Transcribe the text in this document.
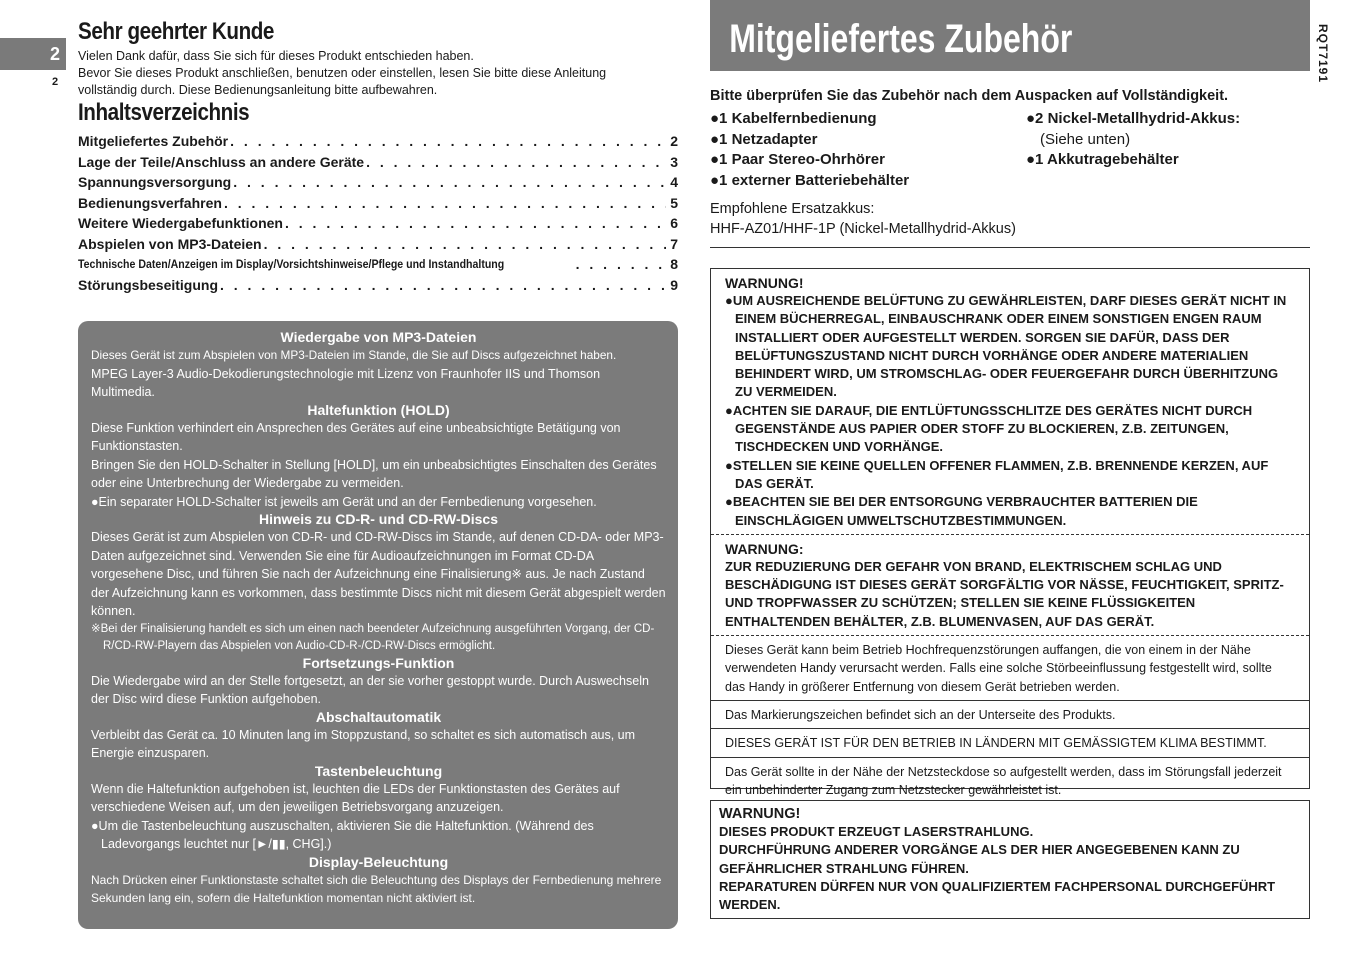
2
2
Sehr geehrter Kunde

Vielen Dank dafür, dass Sie sich für dieses Produkt entschieden haben.

Bevor Sie dieses Produkt anschließen, benutzen oder einstellen, lesen Sie bitte diese Anleitung

vollständig durch. Diese Bedienungsanleitung bitte aufbewahren.

Inhaltsverzeichnis
Mitgeliefertes Zubehör . . .	2
Lage der Teile/Anschluss an andere Geräte . . .	3
Spannungsversorgung . . .	4
Bedienungsverfahren . . .	5
Weitere Wiedergabefunktionen . . .	6
Abspielen von MP3-Dateien . . .	7
Technische Daten/Anzeigen im Display/Vorsichtshinweise/Pflege und Instandhaltung . . .	8
Störungsbeseitigung . . .	9
Wiedergabe von MP3-Dateien

Dieses Gerät ist zum Abspielen von MP3-Dateien im Stande, die Sie auf Discs aufgezeichnet haben.

MPEG Layer-3 Audio-Dekodierungstechnologie mit Lizenz von Fraunhofer IIS und Thomson Multimedia.

Haltefunktion (HOLD)

Diese Funktion verhindert ein Ansprechen des Gerätes auf eine unbeabsichtigte Betätigung von Funktionstasten.

Bringen Sie den HOLD-Schalter in Stellung [HOLD], um ein unbeabsichtigtes Einschalten des Gerätes oder eine Unterbrechung der Wiedergabe zu vermeiden.

●Ein separater HOLD-Schalter ist jeweils am Gerät und an der Fernbedienung vorgesehen.

Hinweis zu CD-R- und CD-RW-Discs

Dieses Gerät ist zum Abspielen von CD-R- und CD-RW-Discs im Stande, auf denen CD-DA- oder MP3-Daten aufgezeichnet sind. Verwenden Sie eine für Audioaufzeichnungen im Format CD-DA vorgesehene Disc, und führen Sie nach der Aufzeichnung eine Finalisierung※ aus. Je nach Zustand der Aufzeichnung kann es vorkommen, dass bestimmte Discs nicht mit diesem Gerät abgespielt werden können.

※Bei der Finalisierung handelt es sich um einen nach beendeter Aufzeichnung ausgeführten Vorgang, der CD-R/CD-RW-Playern das Abspielen von Audio-CD-R-/CD-RW-Discs ermöglicht.

Fortsetzungs-Funktion

Die Wiedergabe wird an der Stelle fortgesetzt, an der sie vorher gestoppt wurde. Durch Auswechseln der Disc wird diese Funktion aufgehoben.

Abschaltautomatik

Verbleibt das Gerät ca. 10 Minuten lang im Stoppzustand, so schaltet es sich automatisch aus, um Energie einzusparen.

Tastenbeleuchtung

Wenn die Haltefunktion aufgehoben ist, leuchten die LEDs der Funktionstasten des Gerätes auf verschiedene Weisen auf, um den jeweiligen Betriebsvorgang anzuzeigen.

●Um die Tastenbeleuchtung auszuschalten, aktivieren Sie die Haltefunktion. (Während des Ladevorgangs leuchtet nur [►/▮▮, CHG].)

Display-Beleuchtung

Nach Drücken einer Funktionstaste schaltet sich die Beleuchtung des Displays der Fernbedienung mehrere Sekunden lang ein, sofern die Haltefunktion momentan nicht aktiviert ist.

Mitgeliefertes Zubehör	RQT7191

Bitte überprüfen Sie das Zubehör nach dem Auspacken auf Vollständigkeit.

●1 Kabelfernbedienung
●1 Netzadapter
●1 Paar Stereo-Ohrhörer
●1 externer Batteriebehälter
●2 Nickel-Metallhydrid-Akkus:
(Siehe unten)
●1 Akkutragebehälter

Empfohlene Ersatzakkus:

HHF-AZ01/HHF-1P (Nickel-Metallhydrid-Akkus)

WARNUNG!

●UM AUSREICHENDE BELÜFTUNG ZU GEWÄHRLEISTEN, DARF DIESES GERÄT NICHT IN EINEM BÜCHERREGAL, EINBAUSCHRANK ODER EINEM SONSTIGEN ENGEN RAUM INSTALLIERT ODER AUFGESTELLT WERDEN. SORGEN SIE DAFÜR, DASS DER BELÜFTUNGSZUSTAND NICHT DURCH VORHÄNGE ODER ANDERE MATERIALIEN BEHINDERT WIRD, UM STROMSCHLAG- ODER FEUERGEFAHR DURCH ÜBERHITZUNG ZU VERMEIDEN.

●ACHTEN SIE DARAUF, DIE ENTLÜFTUNGSSCHLITZE DES GERÄTES NICHT DURCH GEGENSTÄNDE AUS PAPIER ODER STOFF ZU BLOCKIEREN, Z.B. ZEITUNGEN, TISCHDECKEN UND VORHÄNGE.

●STELLEN SIE KEINE QUELLEN OFFENER FLAMMEN, Z.B. BRENNENDE KERZEN, AUF DAS GERÄT.

●BEACHTEN SIE BEI DER ENTSORGUNG VERBRAUCHTER BATTERIEN DIE EINSCHLÄGIGEN UMWELTSCHUTZBESTIMMUNGEN.

WARNUNG:
ZUR REDUZIERUNG DER GEFAHR VON BRAND, ELEKTRISCHEM SCHLAG UND BESCHÄDIGUNG IST DIESES GERÄT SORGFÄLTIG VOR NÄSSE, FEUCHTIGKEIT, SPRITZ- UND TROPFWASSER ZU SCHÜTZEN; STELLEN SIE KEINE FLÜSSIGKEITEN ENTHALTENDEN BEHÄLTER, Z.B. BLUMENVASEN, AUF DAS GERÄT.

Dieses Gerät kann beim Betrieb Hochfrequenzstörungen auffangen, die von einem in der Nähe verwendeten Handy verursacht werden. Falls eine solche Störbeeinflussung festgestellt wird, sollte das Handy in größerer Entfernung von diesem Gerät betrieben werden.

Das Markierungszeichen befindet sich an der Unterseite des Produkts.

DIESES GERÄT IST FÜR DEN BETRIEB IN LÄNDERN MIT GEMÄSSIGTEM KLIMA BESTIMMT.

Das Gerät sollte in der Nähe der Netzsteckdose so aufgestellt werden, dass im Störungsfall jederzeit ein unbehinderter Zugang zum Netzstecker gewährleistet ist.

WARNUNG!

DIESES PRODUKT ERZEUGT LASERSTRAHLUNG.

DURCHFÜHRUNG ANDERER VORGÄNGE ALS DER HIER ANGEGEBENEN KANN ZU GEFÄHRLICHER STRAHLUNG FÜHREN.

REPARATUREN DÜRFEN NUR VON QUALIFIZIERTEM FACHPERSONAL DURCHGEFÜHRT WERDEN.
